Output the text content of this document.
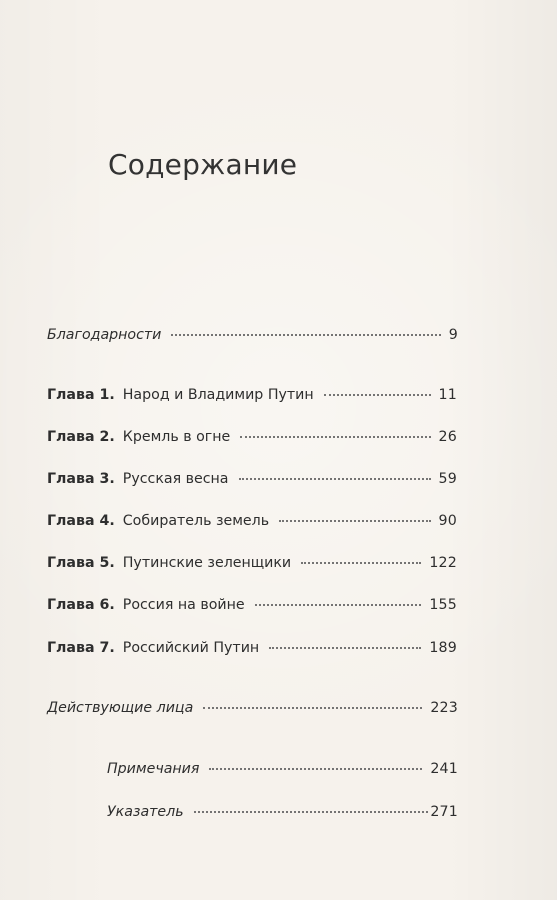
Содержание
Благодарности	9
Глава 1. Народ и Владимир Путин	11
Глава 2. Кремль в огне	26
Глава 3. Русская весна	59
Глава 4. Собиратель земель	90
Глава 5. Путинские зеленщики	122
Глава 6. Россия на войне	155
Глава 7. Российский Путин	189
Действующие лица	223
Примечания	241
Указатель	271
